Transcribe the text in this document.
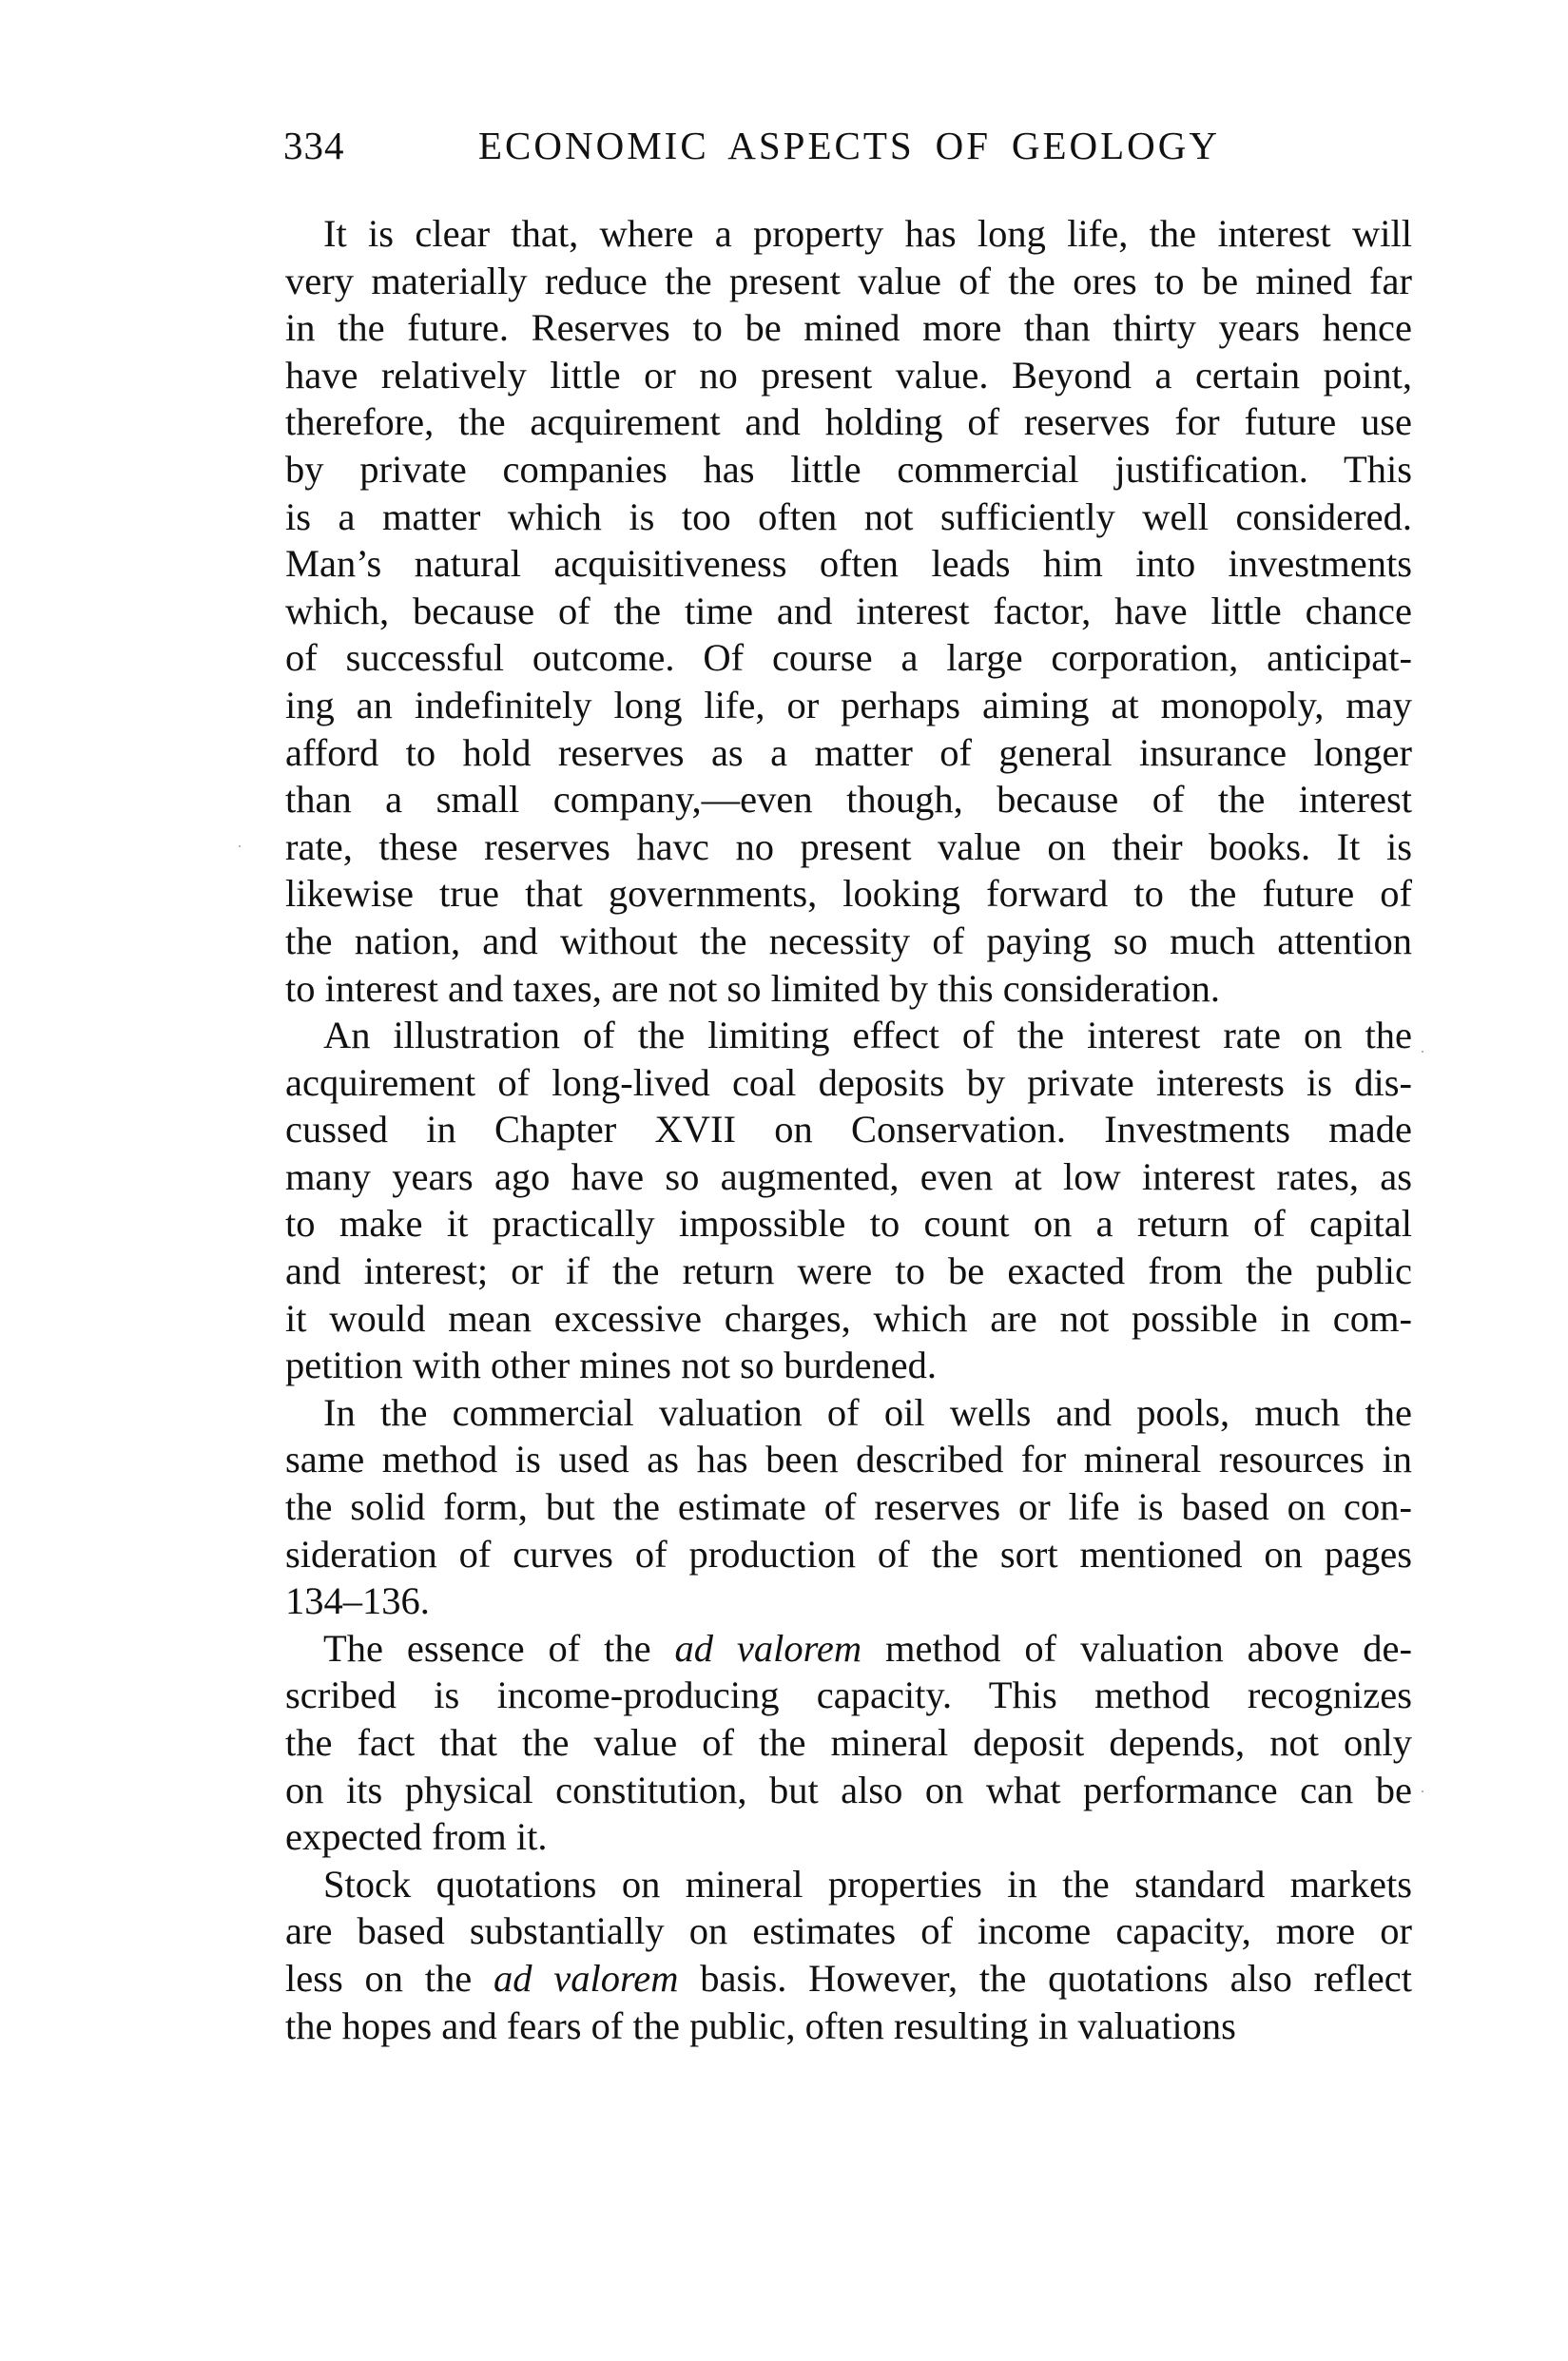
334	ECONOMIC ASPECTS OF GEOLOGY
It is clear that, where a property has long life, the interest will
very materially reduce the present value of the ores to be mined far
in the future. Reserves to be mined more than thirty years hence
have relatively little or no present value. Beyond a certain point,
therefore, the acquirement and holding of reserves for future use
by private companies has little commercial justification. This
is a matter which is too often not sufficiently well considered.
Man’s natural acquisitiveness often leads him into investments
which, because of the time and interest factor, have little chance
of successful outcome. Of course a large corporation, anticipat-
ing an indefinitely long life, or perhaps aiming at monopoly, may
afford to hold reserves as a matter of general insurance longer
than a small company,—even though, because of the interest
rate, these reserves havc no present value on their books. It is
likewise true that governments, looking forward to the future of
the nation, and without the necessity of paying so much attention
to interest and taxes, are not so limited by this consideration.
An illustration of the limiting effect of the interest rate on the
acquirement of long-lived coal deposits by private interests is dis-
cussed in Chapter XVII on Conservation. Investments made
many years ago have so augmented, even at low interest rates, as
to make it practically impossible to count on a return of capital
and interest; or if the return were to be exacted from the public
it would mean excessive charges, which are not possible in com-
petition with other mines not so burdened.
In the commercial valuation of oil wells and pools, much the
same method is used as has been described for mineral resources in
the solid form, but the estimate of reserves or life is based on con-
sideration of curves of production of the sort mentioned on pages
134–136.
The essence of the ad valorem method of valuation above de-
scribed is income-producing capacity. This method recognizes
the fact that the value of the mineral deposit depends, not only
on its physical constitution, but also on what performance can be
expected from it.
Stock quotations on mineral properties in the standard markets
are based substantially on estimates of income capacity, more or
less on the ad valorem basis. However, the quotations also reflect
the hopes and fears of the public, often resulting in valuations
